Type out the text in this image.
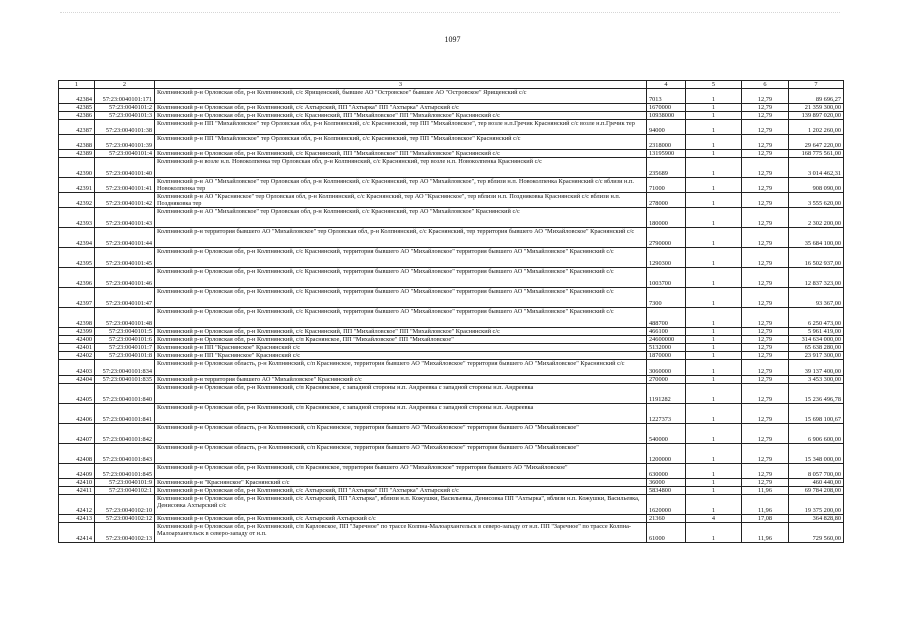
1097
1	2	3	4	5	6	7
42384	57:23:0040101:171	Колпнянский р-н Орловская обл, р-н Колпнянский, с/с Ярищенский, бывшее АО "Островское" бывшее АО "Островское" Ярищенский с/с	7013	1	12,79	89 696,27
42385	57:23:0040101:2	Колпнянский р-н Орловская обл, р-н Колпнянский, с/с Ахтырский, ПП "Ахтырка" ПП "Ахтырка" Ахтырский с/с	1670000	1	12,79	21 359 300,00
42386	57:23:0040101:3	Колпнянский р-н Орловская обл, р-н Колпнянский, с/с Краснянский, ПП "Михайловское" ПП "Михайловское" Краснянский с/с	10938000	1	12,79	139 897 020,00
42387	57:23:0040101:38	Колпнянский р-н ПП "Михайловское" тер Орловская обл, р-н Колпнянский, с/с Краснянский, тер ПП "Михайловское", тер возле н.п.Гречик Краснянский с/с возле н.п.Гречик тер	94000	1	12,79	1 202 260,00
42388	57:23:0040101:39	Колпнянский р-н ПП "Михайловское" тер Орловская обл, р-н Колпнянский, с/с Краснянский, тер ПП "Михайловское" Краснянский с/с	2318000	1	12,79	29 647 220,00
42389	57:23:0040101:4	Колпнянский р-н Орловская обл, р-н Колпнянский, с/с Краснянский, ПП "Михайловское" ПП "Михайловское" Краснянский с/с	13195900	1	12,79	168 775 561,00
42390	57:23:0040101:40	Колпнянский р-н возле н.п. Новоколпенка тер Орловская обл, р-н Колпнянский, с/с Краснянский, тер возле н.п. Новоколпенка Краснянский с/с	235689	1	12,79	3 014 462,31
42391	57:23:0040101:41	Колпнянский р-н АО "Михайловское" тер Орловская обл, р-н Колпнянский, с/с Краснянский, тер АО "Михайловское", тер вблизи н.п. Новоколпенка Краснянский с/с вблизи н.п. Новоколпенка тер	71000	1	12,79	908 090,00
42392	57:23:0040101:42	Колпнянский р-н АО "Краснянское" тер Орловская обл, р-н Колпнянский, с/с Краснянский, тер АО "Краснянское", тер вблизи н.п. Поздняковка Краснянский с/с вблизи н.п. Поздняковка тер	278000	1	12,79	3 555 620,00
42393	57:23:0040101:43	Колпнянский р-н АО "Михайловское" тер Орловская обл, р-н Колпнянский, с/с Краснянский, тер АО "Михайловское" Краснянский с/с	180000	1	12,79	2 302 200,00
42394	57:23:0040101:44	Колпнянский р-н территория бывшего АО "Михайловское" тер Орловская обл, р-н Колпнянский, с/с Краснянский, тер территория бывшего АО "Михайловское" Краснянский с/с	2790000	1	12,79	35 684 100,00
42395	57:23:0040101:45	Колпнянский р-н Орловская обл, р-н Колпнянский, с/с Краснянский, территория бывшего АО "Михайловское" территория бывшего АО "Михайловское" Краснянский с/с	1290300	1	12,79	16 502 937,00
42396	57:23:0040101:46	Колпнянский р-н Орловская обл, р-н Колпнянский, с/с Краснянский, территория бывшего АО "Михайловское" территория бывшего АО "Михайловское" Краснянский с/с	1003700	1	12,79	12 837 323,00
42397	57:23:0040101:47	Колпнянский р-н Орловская обл, р-н Колпнянский, с/с Краснянский, территория бывшего АО "Михайловское" территория бывшего АО "Михайловское" Краснянский с/с	7300	1	12,79	93 367,00
42398	57:23:0040101:48	Колпнянский р-н Орловская обл, р-н Колпнянский, с/с Краснянский, территория бывшего АО "Михайловское" территория бывшего АО "Михайловское" Краснянский с/с	488700	1	12,79	6 250 473,00
42399	57:23:0040101:5	Колпнянский р-н Орловская обл, р-н Колпнянский, с/с Краснянский, ПП "Михайловское" ПП "Михайловское" Краснянский с/с	466100	1	12,79	5 961 419,00
42400	57:23:0040101:6	Колпнянский р-н Орловская обл, р-н Колпнянский, с/п Краснянское, ПП "Михайловское" ПП "Михайловское"	24600000	1	12,79	314 634 000,00
42401	57:23:0040101:7	Колпнянский р-н ПП "Краснянское" Краснянский с/с	5132000	1	12,79	65 638 280,00
42402	57:23:0040101:8	Колпнянский р-н ПП "Краснянское" Краснянский с/с	1870000	1	12,79	23 917 300,00
42403	57:23:0040101:834	Колпнянский р-н Орловская область, р-н Колпнянский, с/п Краснянское, территория бывшего АО "Михайловское" территория бывшего АО "Михайловское" Краснянский с/с	3060000	1	12,79	39 137 400,00
42404	57:23:0040101:835	Колпнянский р-н территория бывшего АО "Михайловское" Краснянский с/с	270000	1	12,79	3 453 300,00
42405	57:23:0040101:840	Колпнянский р-н Орловская обл, р-н Колпнянский, с/п Краснянское, с западной стороны н.п. Андреевка с западной стороны н.п. Андреевка	1191282	1	12,79	15 236 496,78
42406	57:23:0040101:841	Колпнянский р-н Орловская обл, р-н Колпнянский, с/п Краснянское, с западной стороны н.п. Андреевка с западной стороны н.п. Андреевка	1227373	1	12,79	15 698 100,67
42407	57:23:0040101:842	Колпнянский р-н Орловская область, р-н Колпнянский, с/п Краснянское, территория бывшего АО "Михайловское" территория бывшего АО "Михайловское"	540000	1	12,79	6 906 600,00
42408	57:23:0040101:843	Колпнянский р-н Орловская область, р-н Колпнянский, с/п Краснянское, территория бывшего АО "Михайловское" территория бывшего АО "Михайловское"	1200000	1	12,79	15 348 000,00
42409	57:23:0040101:845	Колпнянский р-н Орловская обл, р-н Колпнянский, с/п Краснянское, территория бывшего АО "Михайловское" территория бывшего АО "Михайловское"	630000	1	12,79	8 057 700,00
42410	57:23:0040101:9	Колпнянский р-н "Краснянское" Краснянский с/с	36000	1	12,79	460 440,00
42411	57:23:0040102:1	Колпнянский р-н Орловская обл, р-н Колпнянский, с/с Ахтырский, ПП "Ахтырка" ПП "Ахтырка" Ахтырский с/с	5834800	1	11,96	69 784 208,00
42412	57:23:0040102:10	Колпнянский р-н Орловская обл, р-н Колпнянский, с/с Ахтырский, ПП "Ахтырка", вблизи н.п. Кожушки, Васильевка, Денисовка ПП "Ахтырка", вблизи н.п. Кожушки, Васильевка, Денисовка Ахтырский с/с	1620000	1	11,96	19 375 200,00
42413	57:23:0040102:12	Колпнянский р-н Орловская обл, р-н Колпнянский, с/с Ахтырский Ахтырский с/с	21360	4	17,08	364 828,80
42414	57:23:0040102:13	Колпнянский р-н Орловская обл, р-н Колпнянский, с/п Карловское, ПП "Заречное" по трассе Колпна-Малоархангельск в северо-западу от н.п. ПП "Заречное" по трассе Колпна-Малоархангельск в северо-западу от н.п.	61000	1	11,96	729 560,00
